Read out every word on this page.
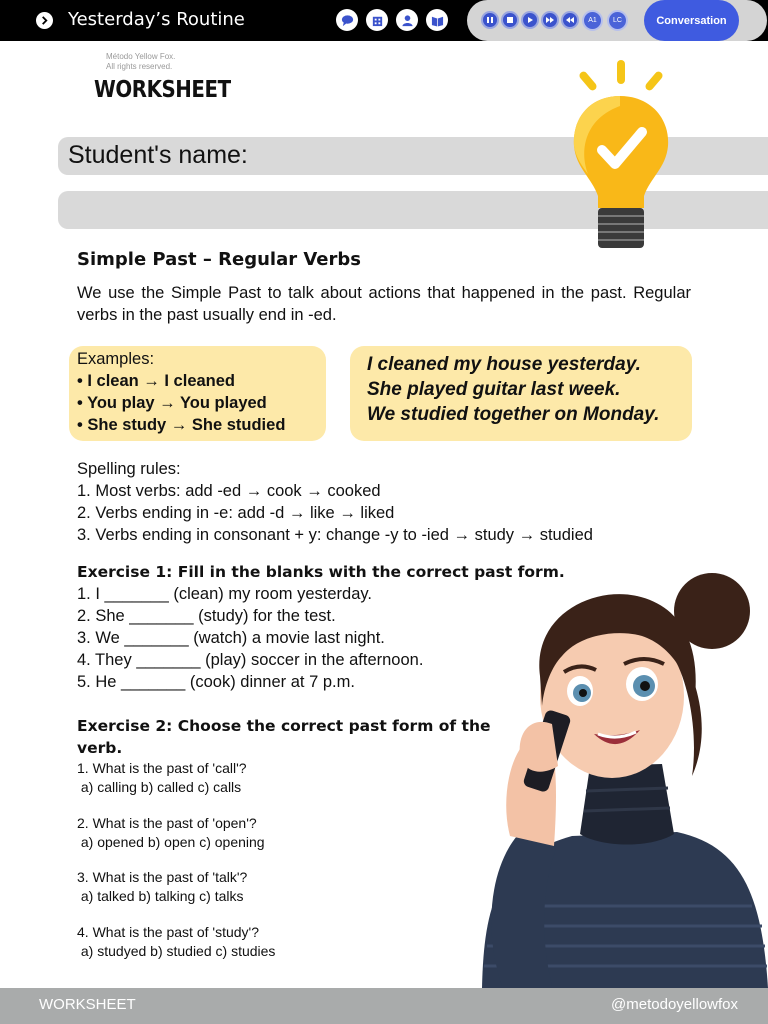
Yesterday’s Routine	A1	LC	Conversation
Método Yellow Fox.
All rights reserved.
WORKSHEET
Student's name:
Simple Past – Regular Verbs
We use the Simple Past to talk about actions that happened in the past. Regular verbs in the past usually end in -ed.
Examples:
• I clean → I cleaned
• You play → You played
• She study → She studied
I cleaned my house yesterday.
She played guitar last week.
We studied together on Monday.
Spelling rules:
1. Most verbs: add -ed → cook → cooked
2. Verbs ending in -e: add -d → like → liked
3. Verbs ending in consonant + y: change -y to -ied → study → studied
Exercise 1: Fill in the blanks with the correct past form.
1. I _______ (clean) my room yesterday.
2. She _______ (study) for the test.
3. We _______ (watch) a movie last night.
4. They _______ (play) soccer in the afternoon.
5. He _______ (cook) dinner at 7 p.m.
Exercise 2: Choose the correct past form of the verb.
1. What is the past of 'call'?
a) calling b) called c) calls
2. What is the past of 'open'?
a) opened b) open c) opening
3. What is the past of 'talk'?
a) talked b) talking c) talks
4. What is the past of 'study'?
a) studyed b) studied c) studies
WORKSHEET	@metodoyellowfox
